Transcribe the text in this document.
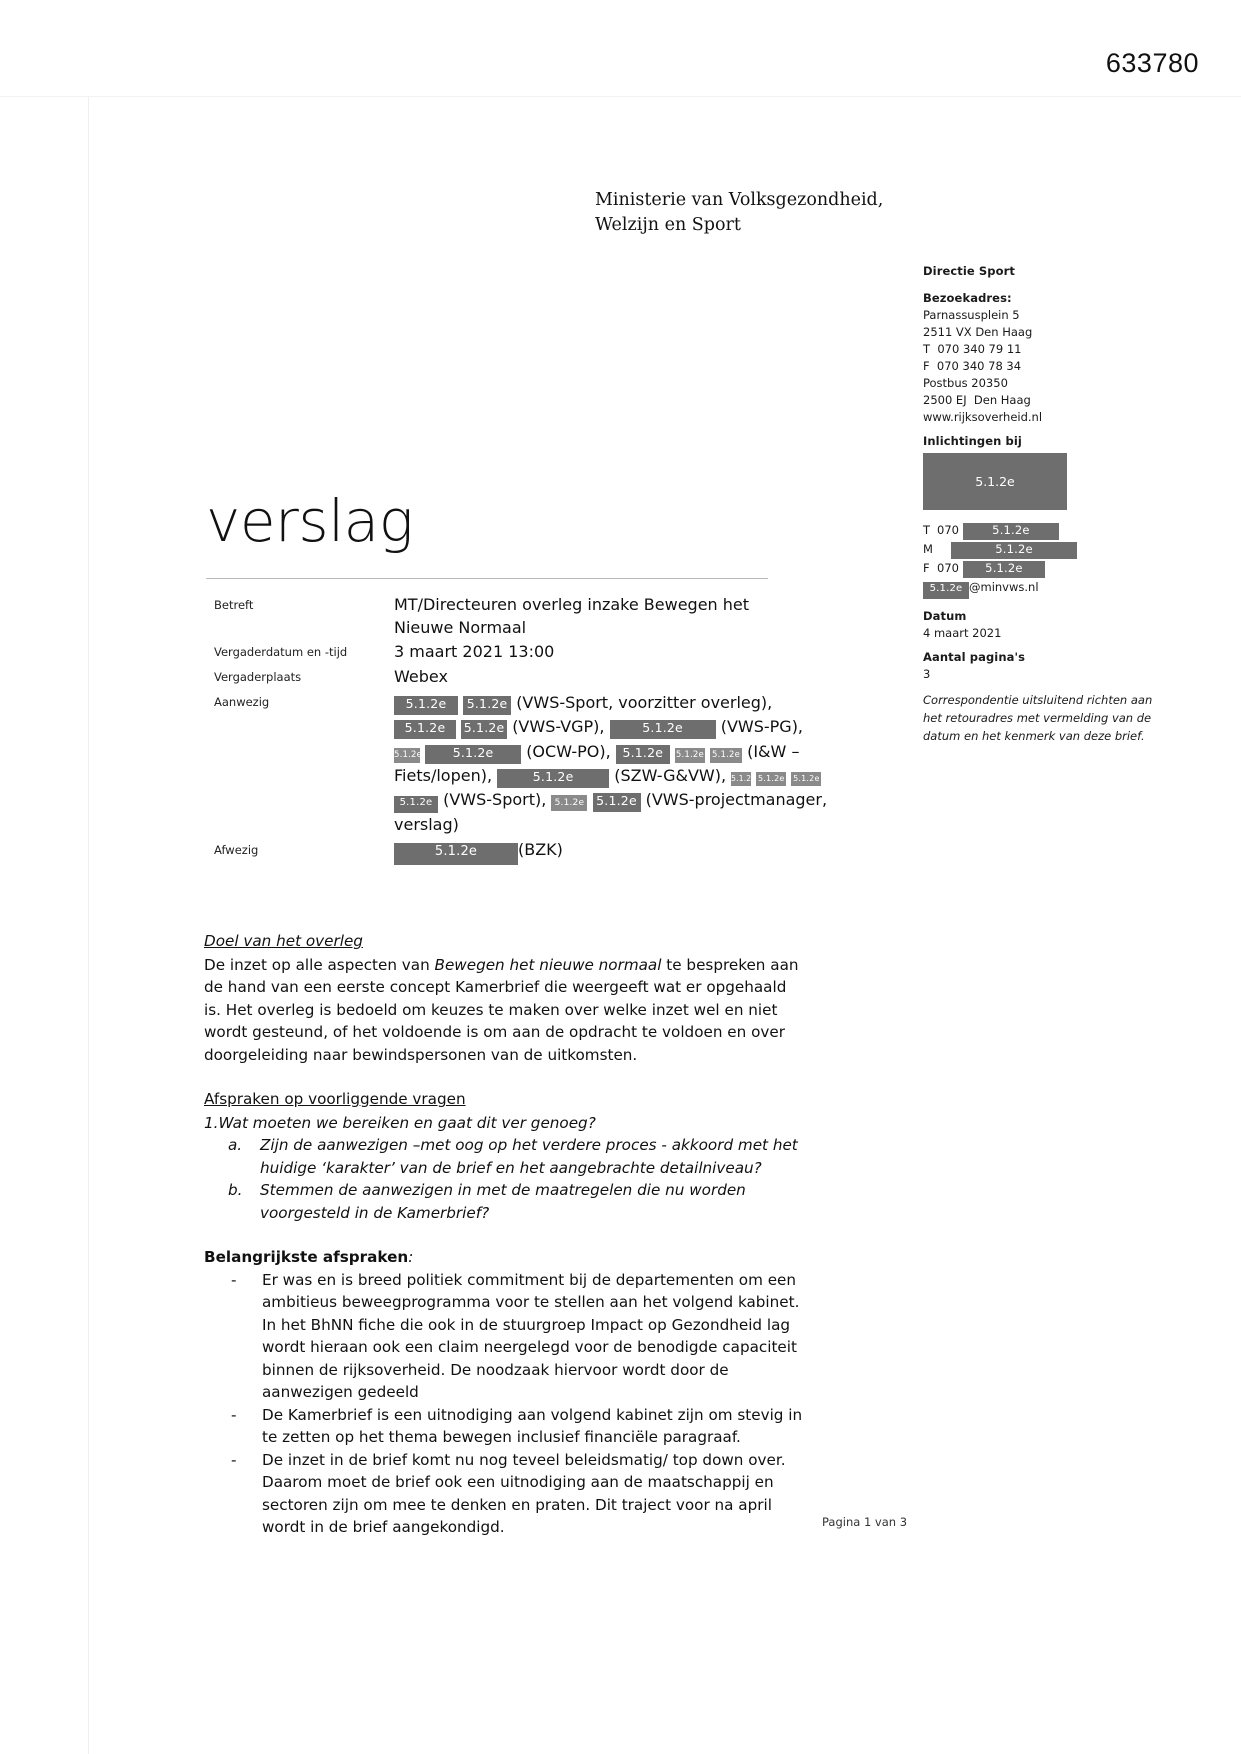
633780
Ministerie van Volksgezondheid,
Welzijn en Sport
Directie Sport
Bezoekadres:
Parnassusplein 5
2511 VX Den Haag
T  070 340 79 11
F  070 340 78 34
Postbus 20350
2500 EJ  Den Haag
www.rijksoverheid.nl
Inlichtingen bij
5.1.2e
T 070	5.1.2e
M	5.1.2e
F 070 5.1.2e
5.1.2e @minvws.nl
Datum
4 maart 2021
Aantal pagina's
3
Correspondentie uitsluitend richten aan het retouradres met vermelding van de datum en het kenmerk van deze brief.
verslag
Betreft	MT/Directeuren overleg inzake Bewegen het
Nieuwe Normaal
Vergaderdatum en -tijd	3 maart 2021 13:00
Vergaderplaats	Webex
Aanwezig	5.1.2e 5.1.2e (VWS-Sport, voorzitter overleg), 5.1.2e 5.1.2e (VWS-VGP),	5.1.2e (VWS-PG), 5.1.2e 5.1.2e (OCW-PO), 5.1.2e 5.1.2e 5.1.2e (I&W – Fiets/lopen),	5.1.2e	(SZW-G&VW), 5.1.2e 5.1.2e 5.1.2e 5.1.2e (VWS-Sport), 5.1.2e 5.1.2e (VWS-projectmanager, verslag)
Afwezig	5.1.2e	(BZK)
Doel van het overleg

De inzet op alle aspecten van Bewegen het nieuwe normaal te bespreken aan de hand van een eerste concept Kamerbrief die weergeeft wat er opgehaald is. Het overleg is bedoeld om keuzes te maken over welke inzet wel en niet wordt gesteund, of het voldoende is om aan de opdracht te voldoen en over doorgeleiding naar bewindspersonen van de uitkomsten.

Afspraken op voorliggende vragen
1.Wat moeten we bereiken en gaat dit ver genoeg?
a. Zijn de aanwezigen –met oog op het verdere proces - akkoord met het huidige ‘karakter’ van de brief en het aangebrachte detailniveau?
b. Stemmen de aanwezigen in met de maatregelen die nu worden voorgesteld in de Kamerbrief?
Belangrijkste afspraken:
- Er was en is breed politiek commitment bij de departementen om een ambitieus beweegprogramma voor te stellen aan het volgend kabinet. In het BhNN fiche die ook in de stuurgroep Impact op Gezondheid lag wordt hieraan ook een claim neergelegd voor de benodigde capaciteit binnen de rijksoverheid. De noodzaak hiervoor wordt door de aanwezigen gedeeld
- De Kamerbrief is een uitnodiging aan volgend kabinet zijn om stevig in te zetten op het thema bewegen inclusief financiële paragraaf.
- De inzet in de brief komt nu nog teveel beleidsmatig/ top down over. Daarom moet de brief ook een uitnodiging aan de maatschappij en sectoren zijn om mee te denken en praten. Dit traject voor na april wordt in de brief aangekondigd.	Pagina 1 van 3
